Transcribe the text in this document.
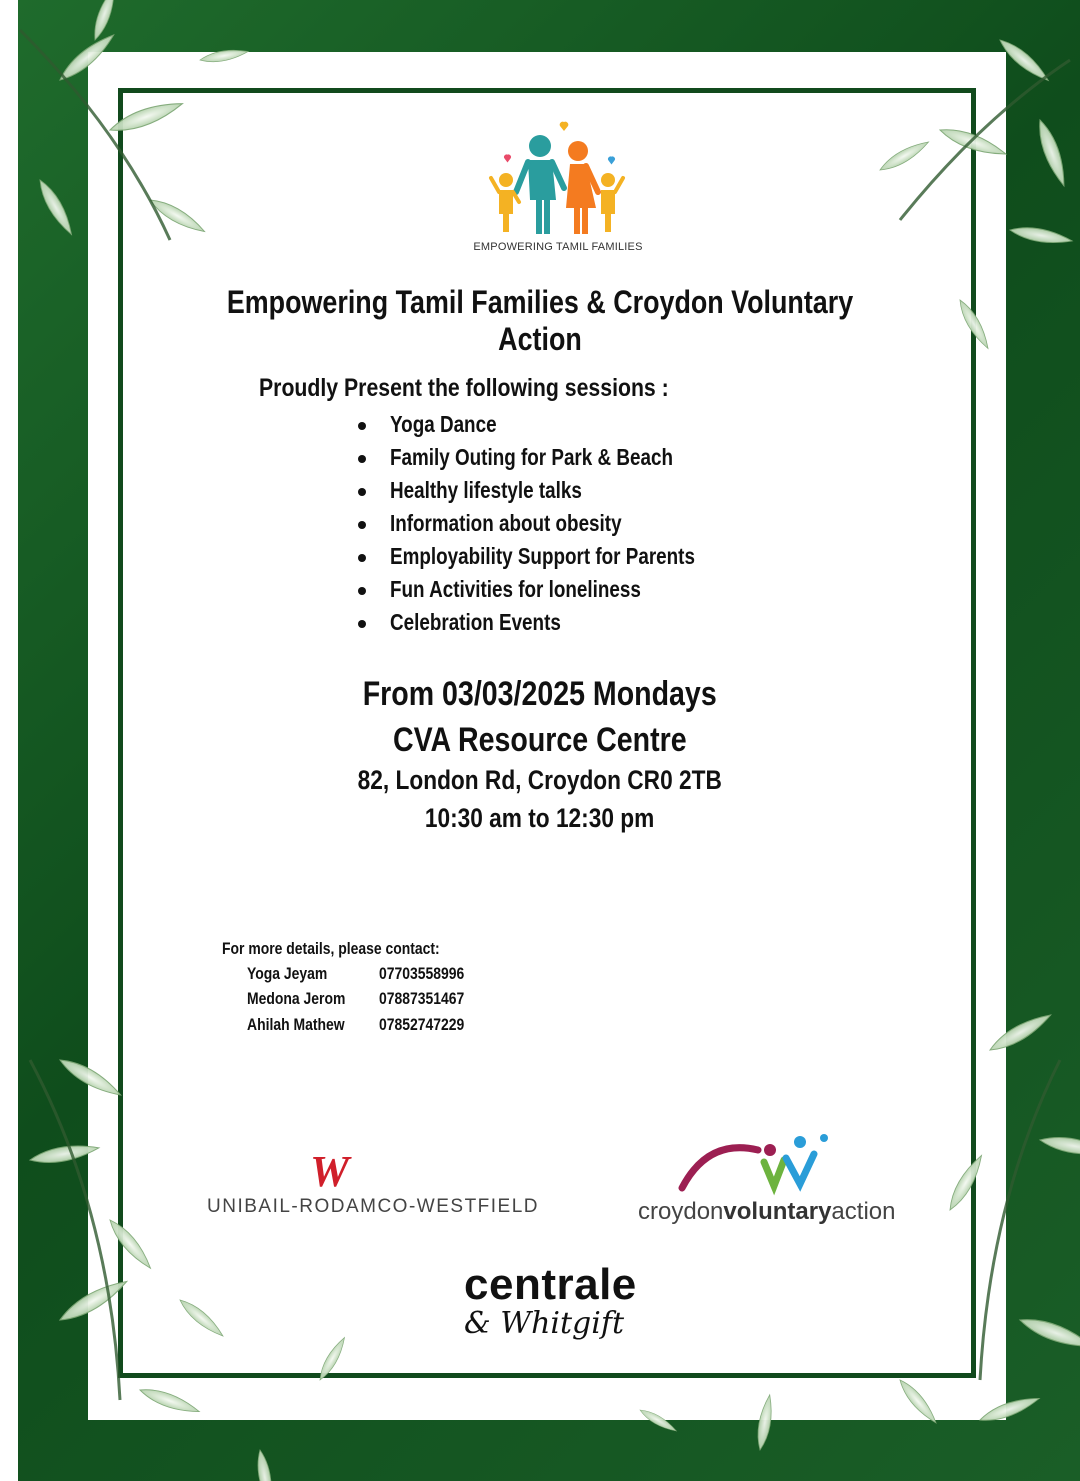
EMPOWERING TAMIL FAMILIES
Empowering Tamil Families & Croydon Voluntary Action
Proudly Present the following sessions :
Yoga Dance
Family Outing for Park & Beach
Healthy lifestyle talks
Information about obesity
Employability Support for Parents
Fun Activities for loneliness
Celebration Events
From 03/03/2025 Mondays
CVA Resource Centre
82, London Rd, Croydon CR0 2TB
10:30 am to 12:30 pm
For more details, please contact:
Yoga Jeyam	07703558996
Medona Jerom	07887351467
Ahilah Mathew	07852747229
W
UNIBAIL-RODAMCO-WESTFIELD	croydonvoluntaryaction
centrale
& Whitgift
